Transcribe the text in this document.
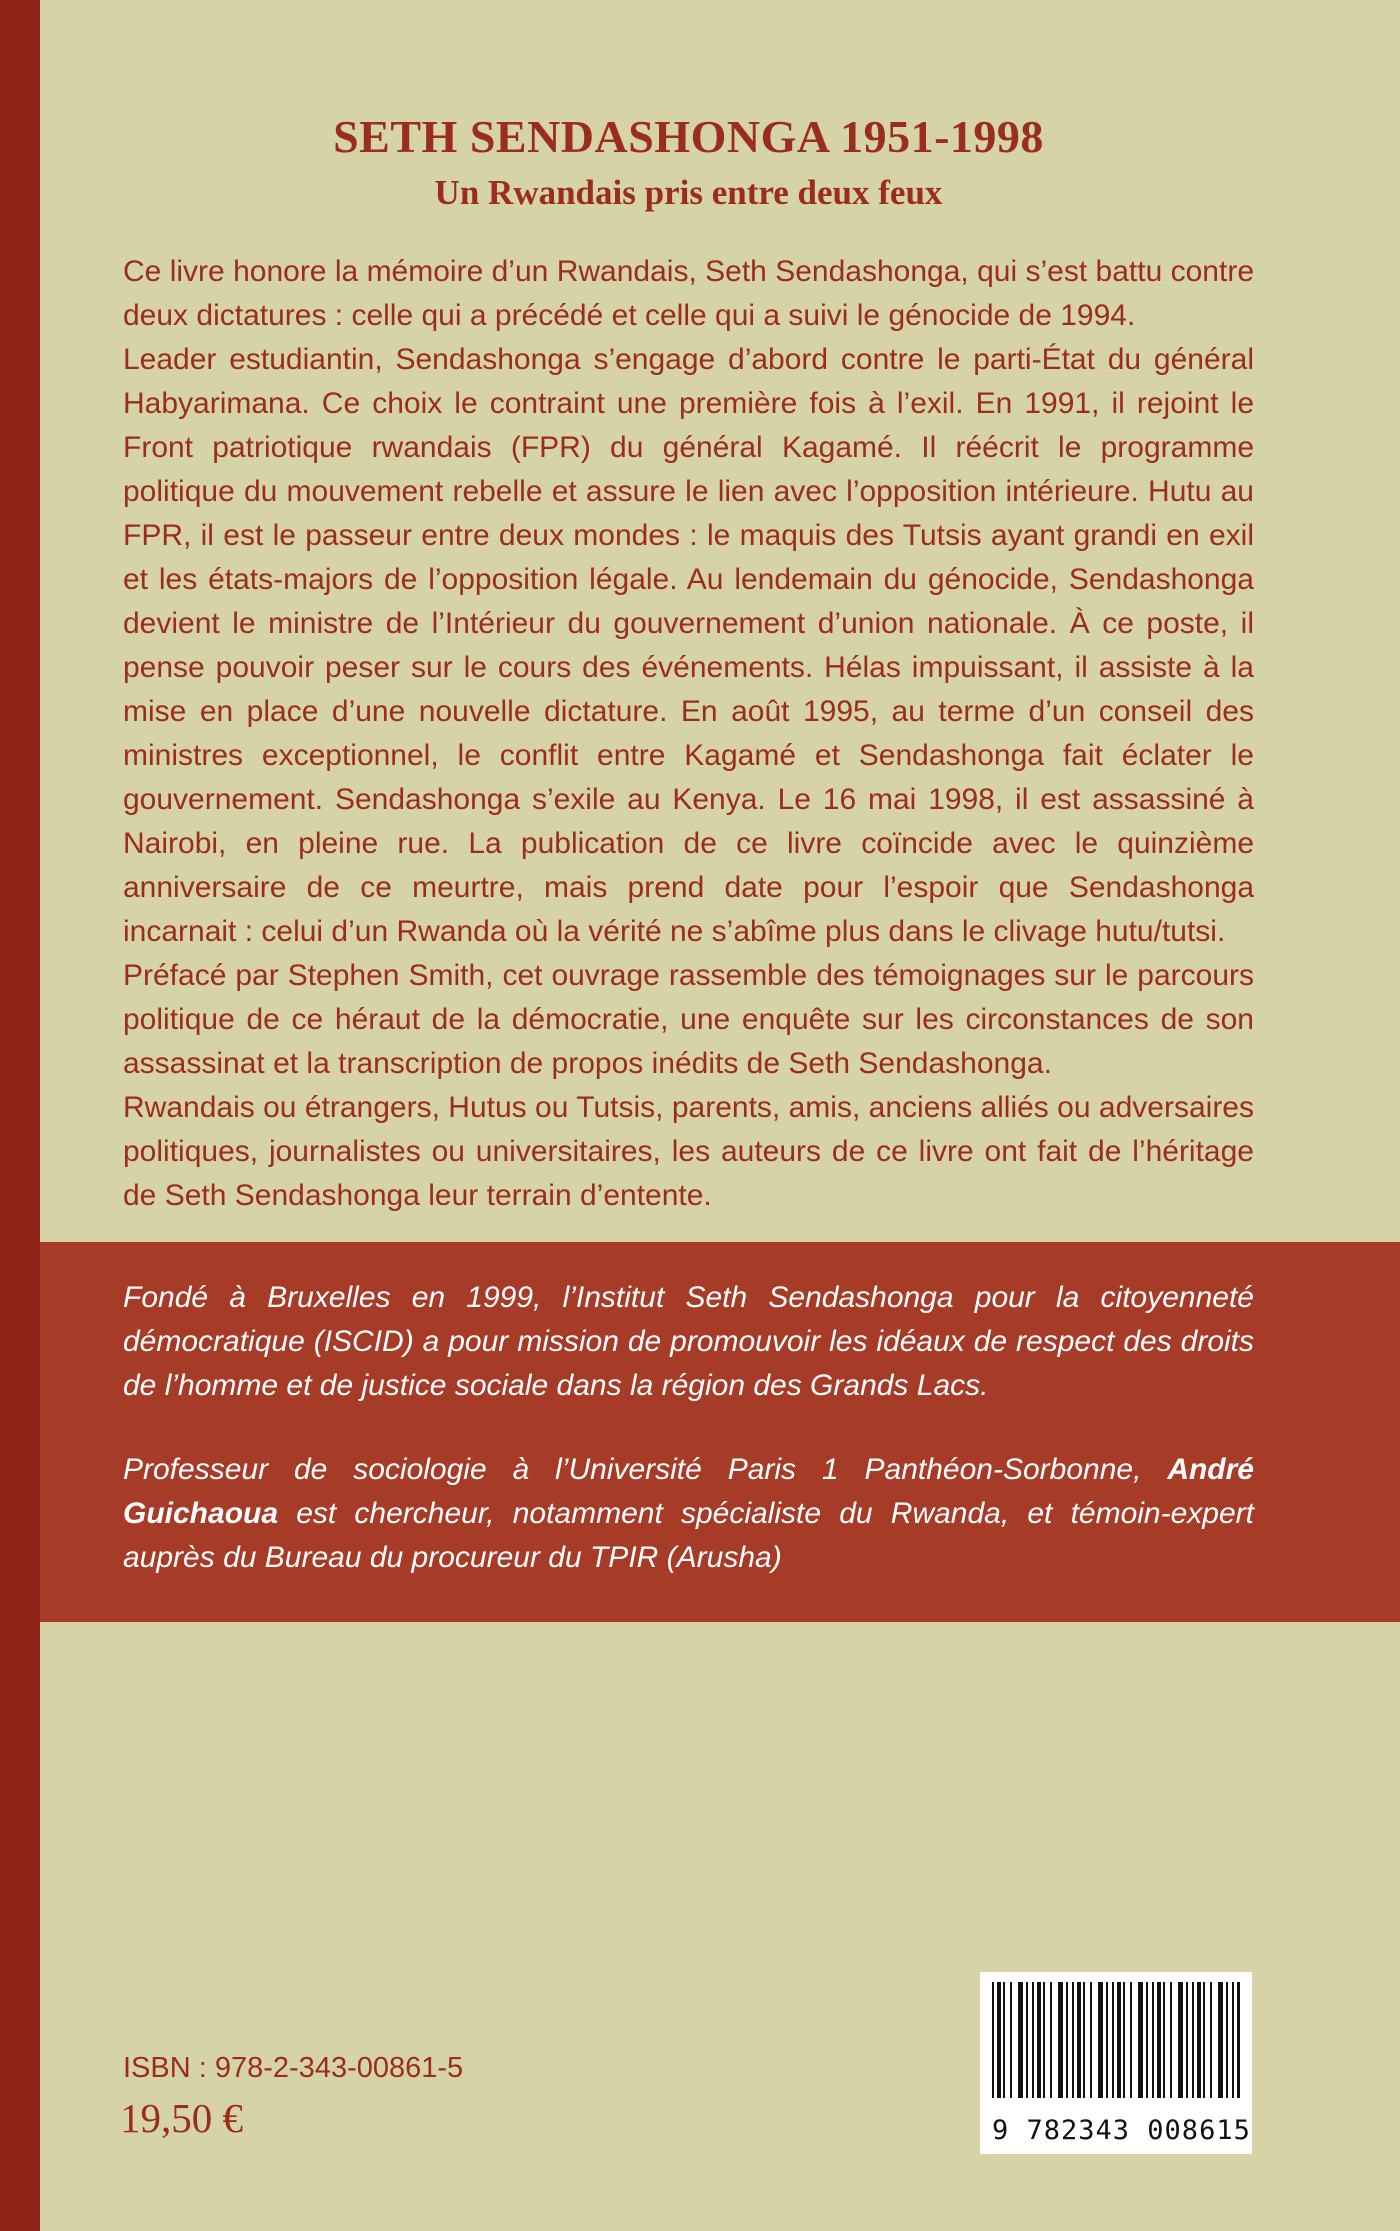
SETH SENDASHONGA 1951-1998
Un Rwandais pris entre deux feux

Ce livre honore la mémoire d’un Rwandais, Seth Sendashonga, qui s’est battu contre deux dictatures : celle qui a précédé et celle qui a suivi le génocide de 1994.

Leader estudiantin, Sendashonga s’engage d’abord contre le parti-État du général Habyarimana. Ce choix le contraint une première fois à l’exil. En 1991, il rejoint le Front patriotique rwandais (FPR) du général Kagamé. Il réécrit le programme politique du mouvement rebelle et assure le lien avec l’opposition intérieure. Hutu au FPR, il est le passeur entre deux mondes : le maquis des Tutsis ayant grandi en exil et les états-majors de l’opposition légale. Au lendemain du génocide, Sendashonga devient le ministre de l’Intérieur du gouvernement d’union nationale. À ce poste, il pense pouvoir peser sur le cours des événements. Hélas impuissant, il assiste à la mise en place d’une nouvelle dictature. En août 1995, au terme d’un conseil des ministres exceptionnel, le conflit entre Kagamé et Sendashonga fait éclater le gouvernement. Sendashonga s’exile au Kenya. Le 16 mai 1998, il est assassiné à Nairobi, en pleine rue. La publication de ce livre coïncide avec le quinzième anniversaire de ce meurtre, mais prend date pour l’espoir que Sendashonga incarnait : celui d’un Rwanda où la vérité ne s’abîme plus dans le clivage hutu/tutsi.

Préfacé par Stephen Smith, cet ouvrage rassemble des témoignages sur le parcours politique de ce héraut de la démocratie, une enquête sur les circonstances de son assassinat et la transcription de propos inédits de Seth Sendashonga.

Rwandais ou étrangers, Hutus ou Tutsis, parents, amis, anciens alliés ou adversaires politiques, journalistes ou universitaires, les auteurs de ce livre ont fait de l’héritage de Seth Sendashonga leur terrain d’entente.

Fondé à Bruxelles en 1999, l’Institut Seth Sendashonga pour la citoyenneté démocratique (ISCID) a pour mission de promouvoir les idéaux de respect des droits de l’homme et de justice sociale dans la région des Grands Lacs.

Professeur de sociologie à l’Université Paris 1 Panthéon-Sorbonne, André Guichaoua est chercheur, notamment spécialiste du Rwanda, et témoin-expert auprès du Bureau du procureur du TPIR (Arusha)

ISBN : 978-2-343-00861-5
19,50 €	9 782343 008615
